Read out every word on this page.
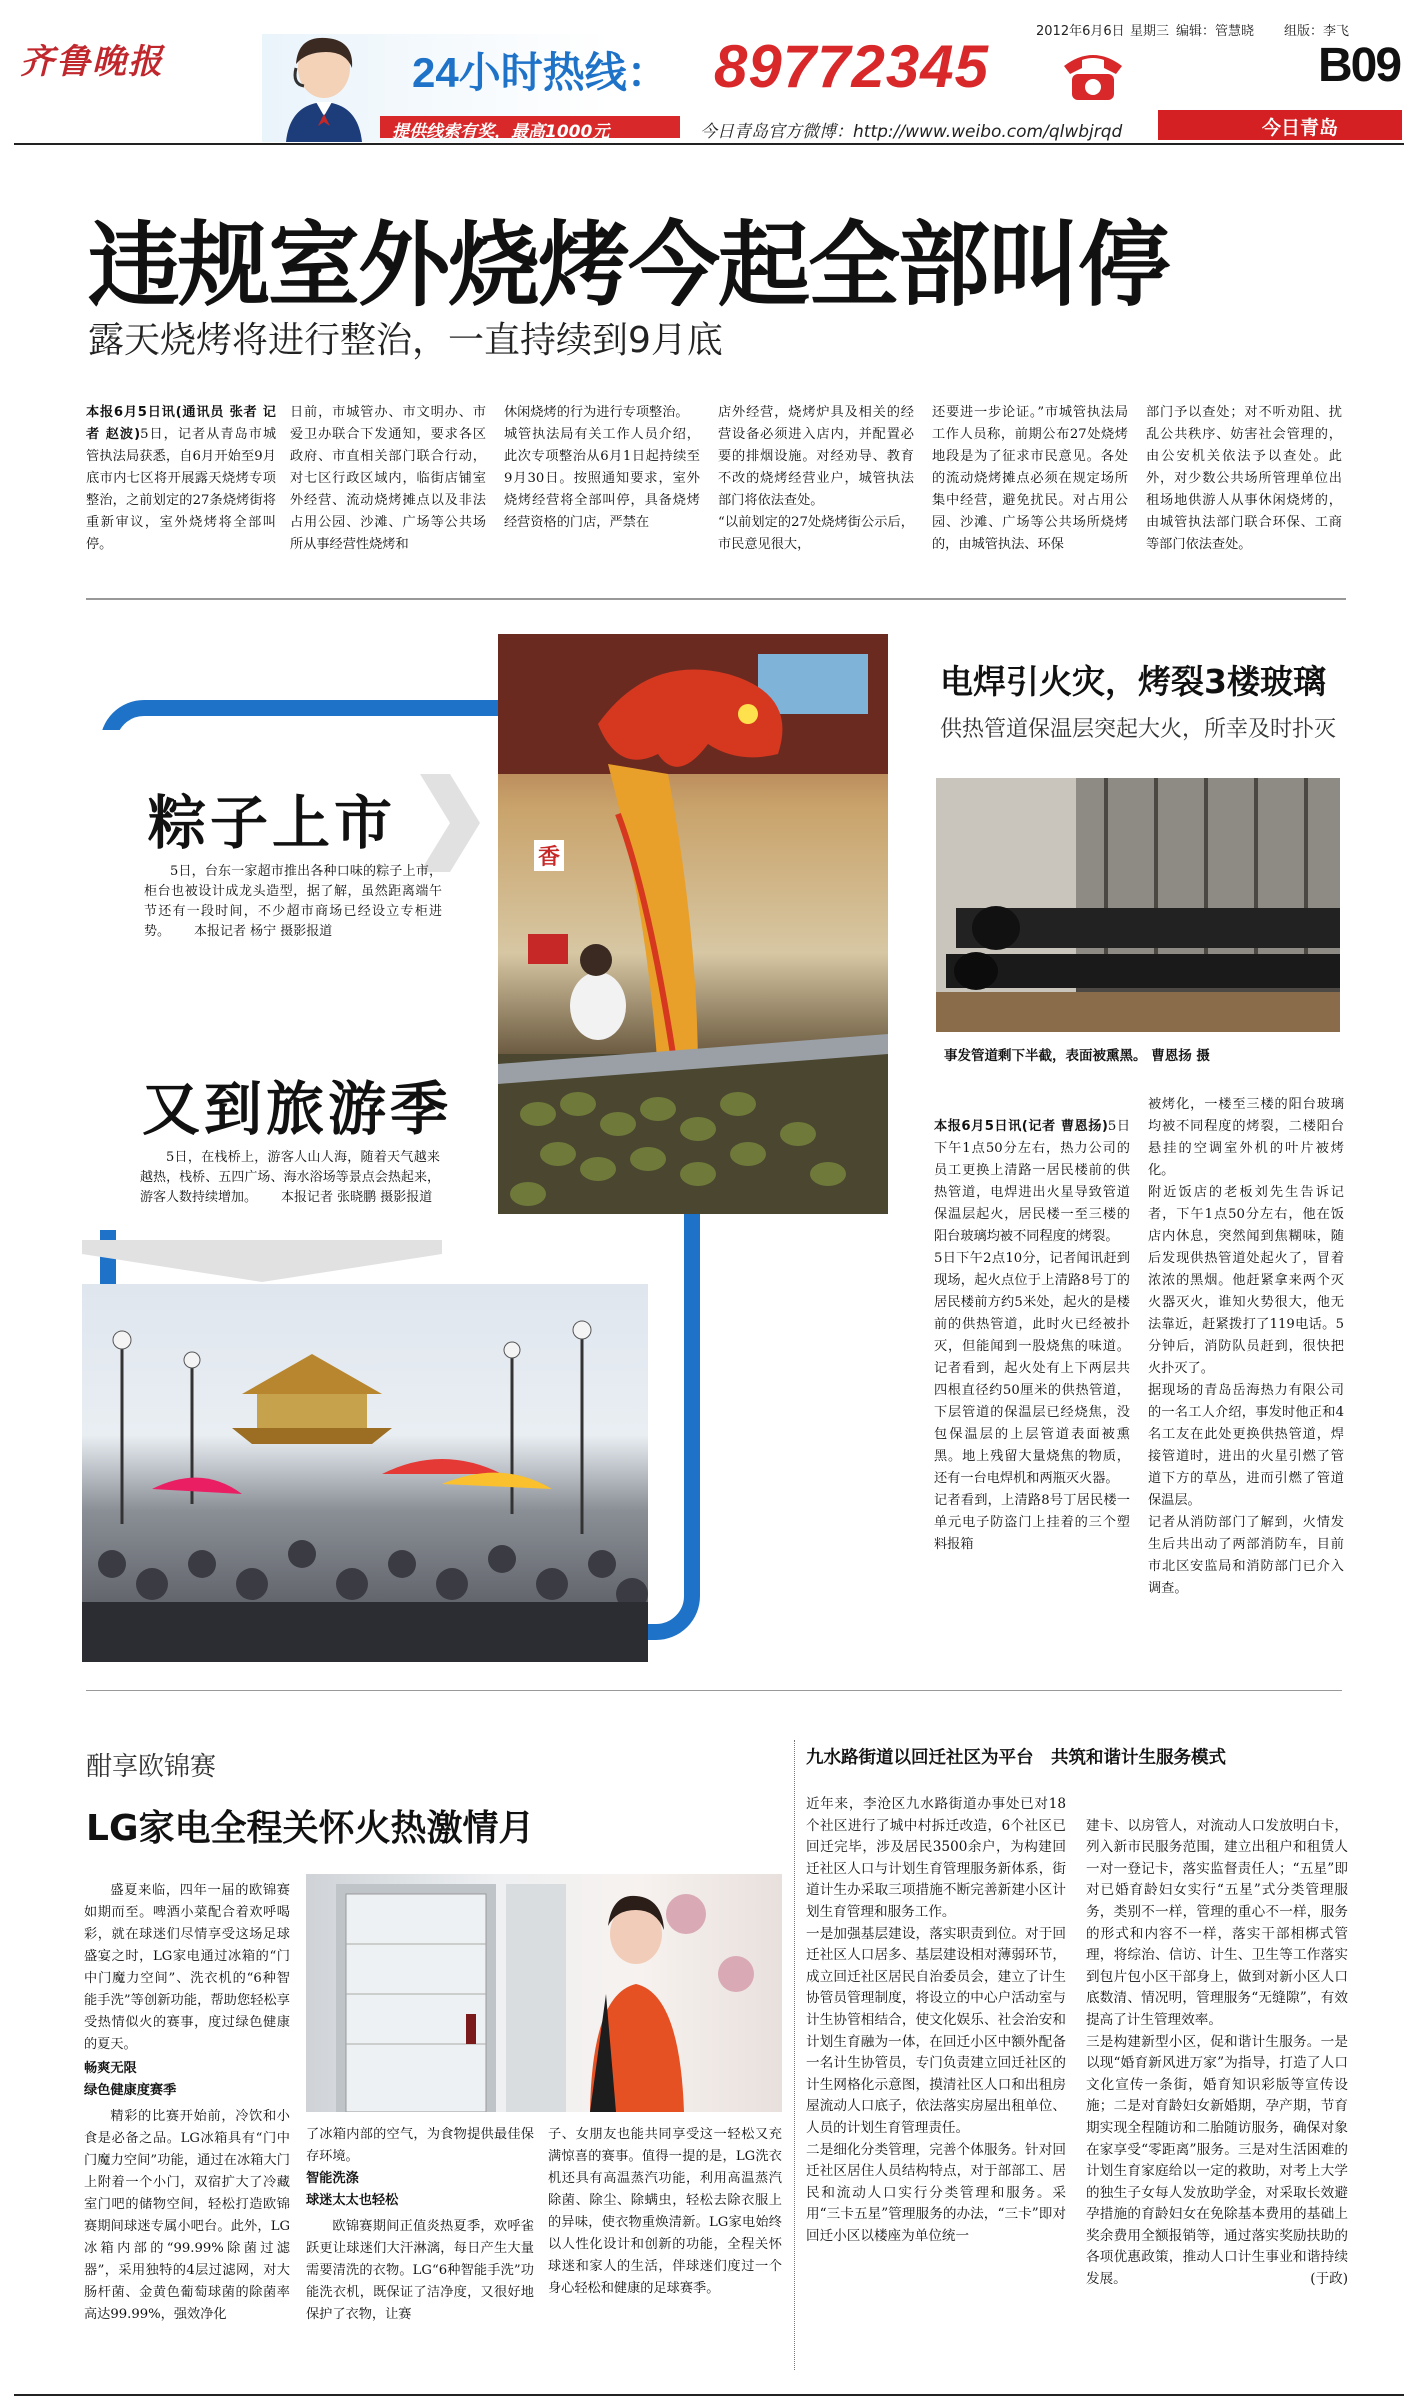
齐鲁晚报	24小时热线： 89772345
提供线索有奖，最高1000元	今日青岛官方微博：http://www.weibo.com/qlwbjrqd
2012年6月6日 星期三 编辑：管慧晓 组版：李飞
B09
今日青岛
违规室外烧烤今起全部叫停
露天烧烤将进行整治，一直持续到9月底
本报6月5日讯(通讯员 张者 记者 赵波)5日，记者从青岛市城管执法局获悉，自6月开始至9月底市内七区将开展露天烧烤专项整治，之前划定的27条烧烤街将重新审议，室外烧烤将全部叫停。
日前，市城管办、市文明办、市爱卫办联合下发通知，要求各区政府、市直相关部门联合行动，对七区行政区域内，临街店铺室外经营、流动烧烤摊点以及非法占用公园、沙滩、广场等公共场所从事经营性烧烤和
休闲烧烤的行为进行专项整治。
城管执法局有关工作人员介绍，此次专项整治从6月1日起持续至9月30日。按照通知要求，室外烧烤经营将全部叫停，具备烧烤经营资格的门店，严禁在
店外经营，烧烤炉具及相关的经营设备必须进入店内，并配置必要的排烟设施。对经劝导、教育不改的烧烤经营业户，城管执法部门将依法查处。
“以前划定的27处烧烤街公示后，市民意见很大，
还要进一步论证。”市城管执法局工作人员称，前期公布27处烧烤地段是为了征求市民意见。各处的流动烧烤摊点必须在规定场所集中经营，避免扰民。对占用公园、沙滩、广场等公共场所烧烤的，由城管执法、环保
部门予以查处；对不听劝阻、扰乱公共秩序、妨害社会管理的，由公安机关依法予以查处。此外，对少数公共场所管理单位出租场地供游人从事休闲烧烤的，由城管执法部门联合环保、工商等部门依法查处。
粽子上市
5日，台东一家超市推出各种口味的粽子上市，柜台也被设计成龙头造型，据了解，虽然距离端午节还有一段时间，不少超市商场已经设立专柜进势。 本报记者 杨宁 摄影报道
又到旅游季
5日，在栈桥上，游客人山人海，随着天气越来越热，栈桥、五四广场、海水浴场等景点会热起来，游客人数持续增加。 本报记者 张晓鹏 摄影报道
香
电焊引火灾，烤裂3楼玻璃
供热管道保温层突起大火，所幸及时扑灭
事发管道剩下半截，表面被熏黑。 曹恩扬 摄

本报6月5日讯(记者 曹恩扬)5日下午1点50分左右，热力公司的员工更换上清路一居民楼前的供热管道，电焊进出火星导致管道保温层起火，居民楼一至三楼的阳台玻璃均被不同程度的烤裂。
5日下午2点10分，记者闻讯赶到现场，起火点位于上清路8号丁的居民楼前方约5米处，起火的是楼前的供热管道，此时火已经被扑灭，但能闻到一股烧焦的味道。记者看到，起火处有上下两层共四根直径约50厘米的供热管道，下层管道的保温层已经烧焦，没包保温层的上层管道表面被熏黑。地上残留大量烧焦的物质，还有一台电焊机和两瓶灭火器。
记者看到，上清路8号丁居民楼一单元电子防盗门上挂着的三个塑料报箱

被烤化，一楼至三楼的阳台玻璃均被不同程度的烤裂，二楼阳台悬挂的空调室外机的叶片被烤化。
附近饭店的老板刘先生告诉记者，下午1点50分左右，他在饭店内休息，突然闻到焦糊味，随后发现供热管道处起火了，冒着浓浓的黑烟。他赶紧拿来两个灭火器灭火，谁知火势很大，他无法靠近，赶紧拨打了119电话。5分钟后，消防队员赶到，很快把火扑灭了。
据现场的青岛岳海热力有限公司的一名工人介绍，事发时他正和4名工友在此处更换供热管道，焊接管道时，进出的火星引燃了管道下方的草丛，进而引燃了管道保温层。
记者从消防部门了解到，火情发生后共出动了两部消防车，目前市北区安监局和消防部门已介入调查。
酣享欧锦赛
LG家电全程关怀火热激情月
盛夏来临，四年一届的欧锦赛如期而至。啤酒小菜配合着欢呼喝彩，就在球迷们尽情享受这场足球盛宴之时，LG家电通过冰箱的“门中门魔力空间”、洗衣机的“6种智能手洗”等创新功能，帮助您轻松享受热情似火的赛事，度过绿色健康的夏天。
畅爽无限
绿色健康度赛季
精彩的比赛开始前，冷饮和小食是必备之品。LG冰箱具有“门中门魔力空间”功能，通过在冰箱大门上附着一个小门，双宿扩大了冷藏室门吧的储物空间，轻松打造欧锦赛期间球迷专属小吧台。此外，LG冰箱内部的“99.99%除菌过滤器”，采用独特的4层过滤网，对大肠杆菌、金黄色葡萄球菌的除菌率高达99.99%，强效净化
了冰箱内部的空气，为食物提供最佳保存环境。
智能洗涤
球迷太太也轻松
欧锦赛期间正值炎热夏季，欢呼雀跃更让球迷们大汗淋漓，每日产生大量需要清洗的衣物。LG“6种智能手洗”功能洗衣机，既保证了洁净度，又很好地保护了衣物，让赛
子、女朋友也能共同享受这一轻松又充满惊喜的赛事。值得一提的是，LG洗衣机还具有高温蒸汽功能，利用高温蒸汽除菌、除尘、除螨虫，轻松去除衣服上的异味，使衣物重焕清新。LG家电始终以人性化设计和创新的功能，全程关怀球迷和家人的生活，伴球迷们度过一个身心轻松和健康的足球赛季。
九水路街道以回迁社区为平台　共筑和谐计生服务模式
近年来，李沧区九水路街道办事处已对18个社区进行了城中村拆迁改造，6个社区已回迁完毕，涉及居民3500余户，为构建回迁社区人口与计划生育管理服务新体系，街道计生办采取三项措施不断完善新建小区计划生育管理和服务工作。
一是加强基层建设，落实职责到位。对于回迁社区人口居多、基层建设相对薄弱环节，成立回迁社区居民自治委员会，建立了计生协管员管理制度，将设立的中心户活动室与计生协管相结合，使文化娱乐、社会治安和计划生育融为一体，在回迁小区中额外配备一名计生协管员，专门负责建立回迁社区的计生网格化示意图，摸清社区人口和出租房屋流动人口底子，依法落实房屋出租单位、人员的计划生育管理责任。
二是细化分类管理，完善个体服务。针对回迁社区居住人员结构特点，对于部部工、居民和流动人口实行分类管理和服务。采用“三卡五星”管理服务的办法，“三卡”即对回迁小区以楼座为单位统一

建卡、以房管人，对流动人口发放明白卡，列入新市民服务范围，建立出租户和租赁人一对一登记卡，落实监督责任人；“五星”即对已婚育龄妇女实行“五星”式分类管理服务，类别不一样，管理的重心不一样，服务的形式和内容不一样，落实干部相梆式管理，将综治、信访、计生、卫生等工作落实到包片包小区干部身上，做到对新小区人口底数清、情况明，管理服务“无缝隙”，有效提高了计生管理效率。
三是构建新型小区，促和谐计生服务。一是以现“婚育新风进万家”为指导，打造了人口文化宣传一条街，婚育知识彩版等宣传设施；二是对育龄妇女新婚期，孕产期，节育期实现全程随访和二胎随访服务，确保对象在家享受“零距离”服务。三是对生活困难的计划生育家庭给以一定的救助，对考上大学的独生子女每人发放助学金，对采取长效避孕措施的育龄妇女在免除基本费用的基础上奖余费用全额报销等，通过落实奖励扶助的各项优惠政策，推动人口计生事业和谐持续发展。	(于政)
